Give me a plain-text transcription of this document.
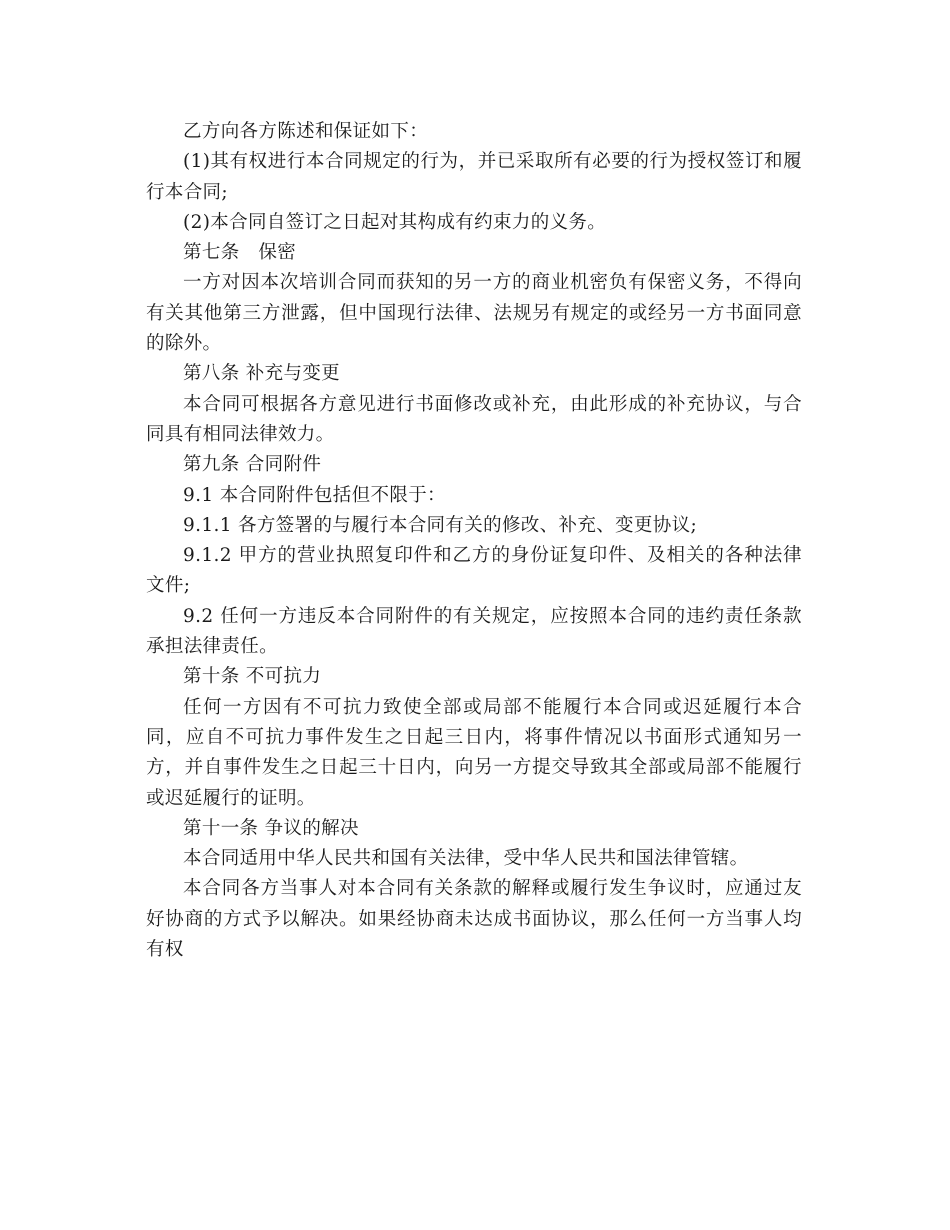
乙方向各方陈述和保证如下：

(1)其有权进行本合同规定的行为，并已采取所有必要的行为授权签订和履行本合同;

(2)本合同自签订之日起对其构成有约束力的义务。

第七条　保密

一方对因本次培训合同而获知的另一方的商业机密负有保密义务，不得向有关其他第三方泄露，但中国现行法律、法规另有规定的或经另一方书面同意的除外。

第八条 补充与变更

本合同可根据各方意见进行书面修改或补充，由此形成的补充协议，与合同具有相同法律效力。

第九条 合同附件

9.1 本合同附件包括但不限于：

9.1.1 各方签署的与履行本合同有关的修改、补充、变更协议;

9.1.2 甲方的营业执照复印件和乙方的身份证复印件、及相关的各种法律文件;

9.2 任何一方违反本合同附件的有关规定，应按照本合同的违约责任条款承担法律责任。

第十条 不可抗力

任何一方因有不可抗力致使全部或局部不能履行本合同或迟延履行本合同，应自不可抗力事件发生之日起三日内，将事件情况以书面形式通知另一方，并自事件发生之日起三十日内，向另一方提交导致其全部或局部不能履行或迟延履行的证明。

第十一条 争议的解决

本合同适用中华人民共和国有关法律，受中华人民共和国法律管辖。

本合同各方当事人对本合同有关条款的解释或履行发生争议时，应通过友好协商的方式予以解决。如果经协商未达成书面协议，那么任何一方当事人均有权
